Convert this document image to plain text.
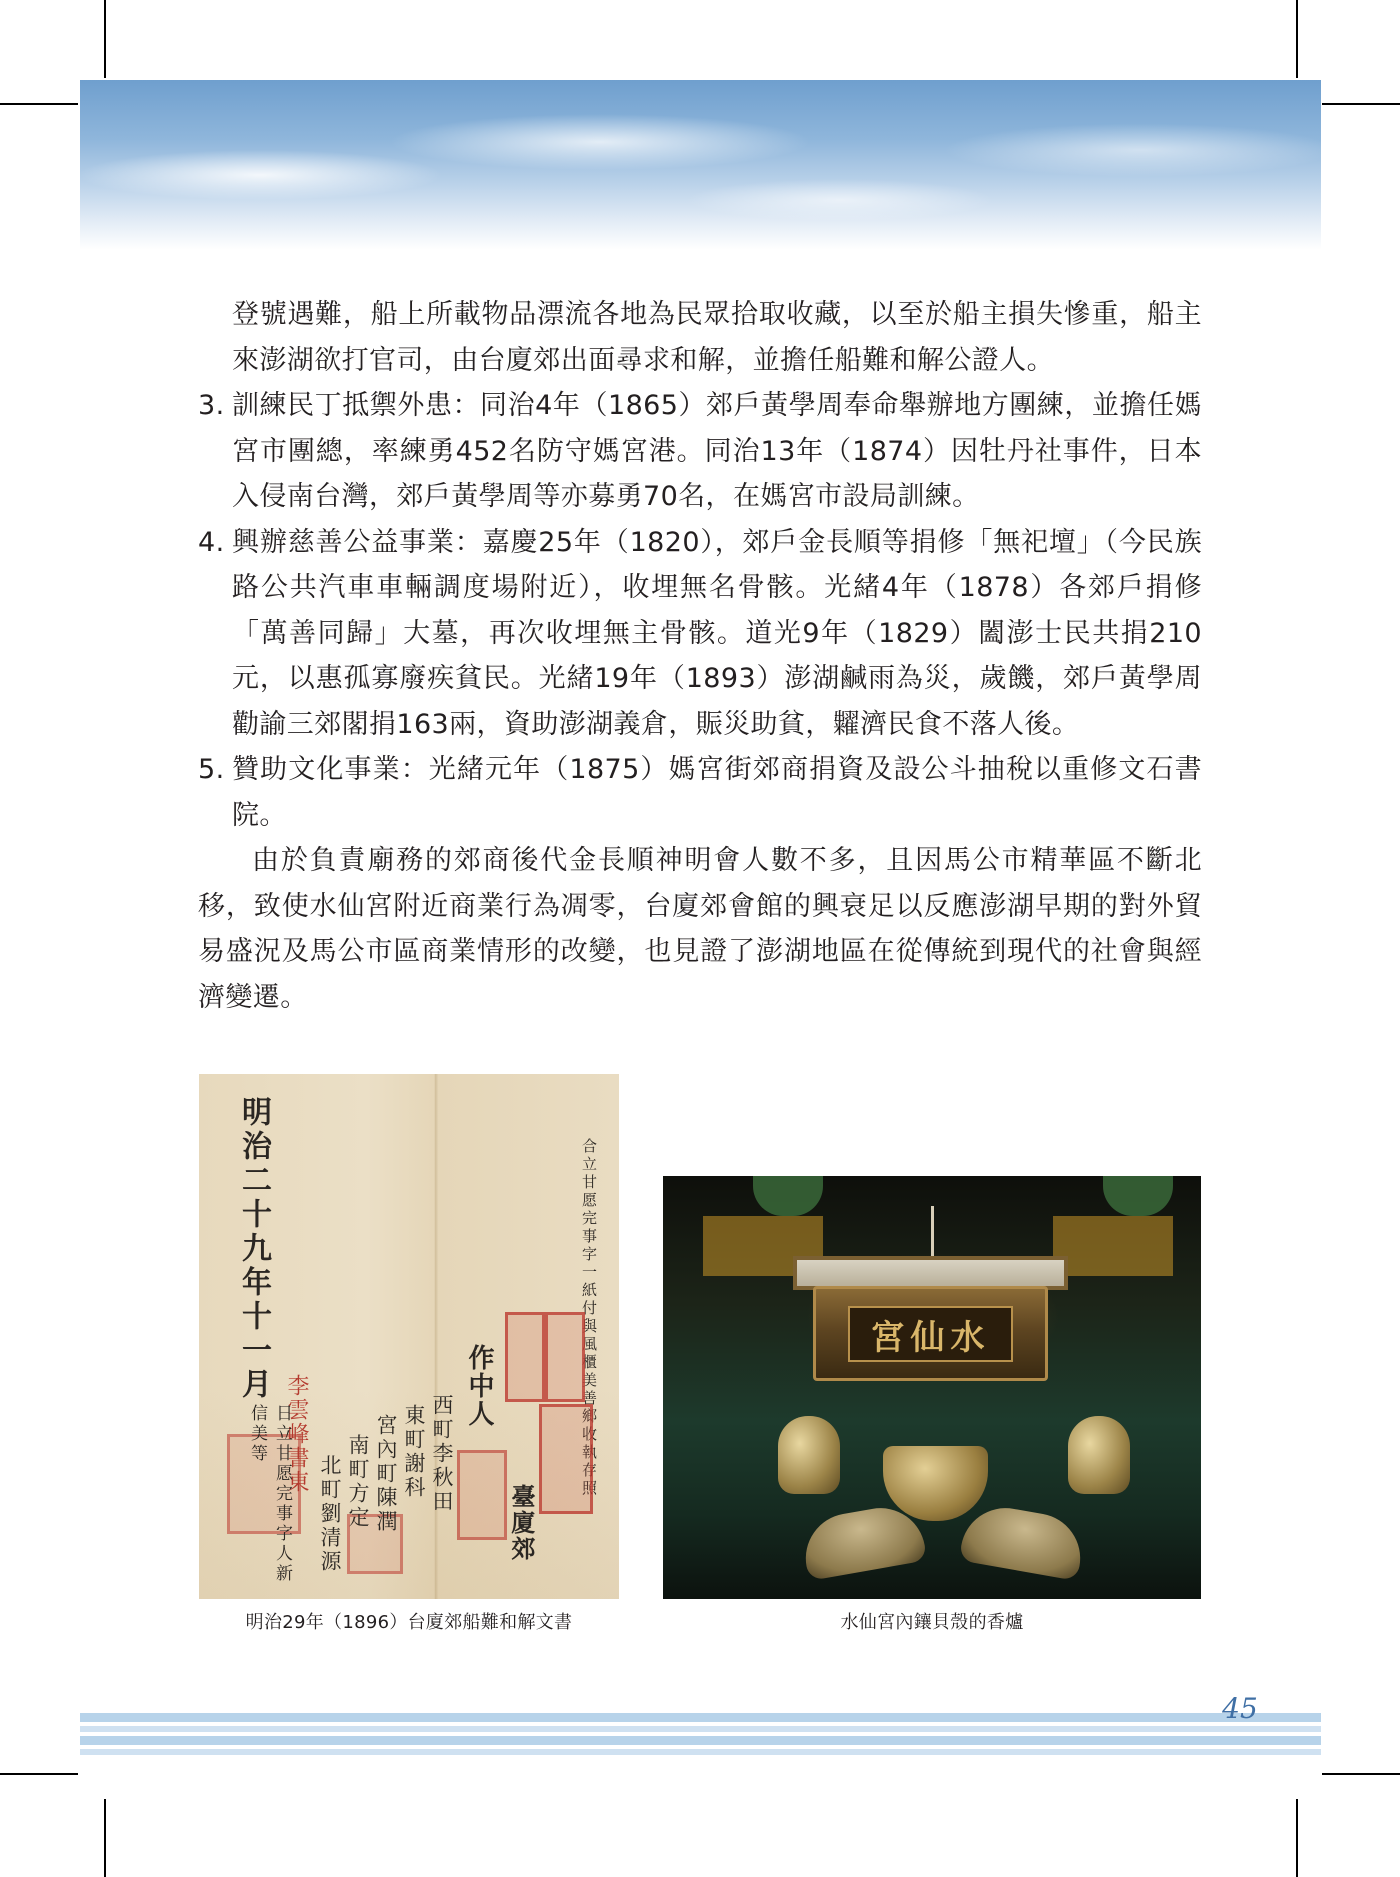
登號遇難，船上所載物品漂流各地為民眾拾取收藏，以至於船主損失慘重，船主來澎湖欲打官司，由台廈郊出面尋求和解，並擔任船難和解公證人。

3. 訓練民丁抵禦外患：同治4年（1865）郊戶黃學周奉命舉辦地方團練，並擔任媽宮市團總，率練勇452名防守媽宮港。同治13年（1874）因牡丹社事件，日本入侵南台灣，郊戶黃學周等亦募勇70名，在媽宮市設局訓練。
4. 興辦慈善公益事業：嘉慶25年（1820），郊戶金長順等捐修「無祀壇」（今民族路公共汽車車輛調度場附近），收埋無名骨骸。光緒4年（1878）各郊戶捐修「萬善同歸」大墓，再次收埋無主骨骸。道光9年（1829）闔澎士民共捐210元，以惠孤寡廢疾貧民。光緒19年（1893）澎湖鹹雨為災，歲饑，郊戶黃學周勸諭三郊閣捐163兩，資助澎湖義倉，賑災助貧，糶濟民食不落人後。
5. 贊助文化事業：光緒元年（1875）媽宮街郊商捐資及設公斗抽稅以重修文石書院。

由於負責廟務的郊商後代金長順神明會人數不多，且因馬公市精華區不斷北移，致使水仙宮附近商業行為凋零，台廈郊會館的興衰足以反應澎湖早期的對外貿易盛況及馬公市區商業情形的改變，也見證了澎湖地區在從傳統到現代的社會與經濟變遷。

明治二十九年十一月	合立甘愿完事字一紙付與風櫃美善鄉收執存照
作中人
臺廈郊
西町李秋田
東町謝科
宮內町陳潤
南町方定
北町劉清源
李雲峰書東
日立甘愿完事字人新信美等
明治29年（1896）台廈郊船難和解文書
宮仙水
水仙宮內鑲貝殼的香爐
45
